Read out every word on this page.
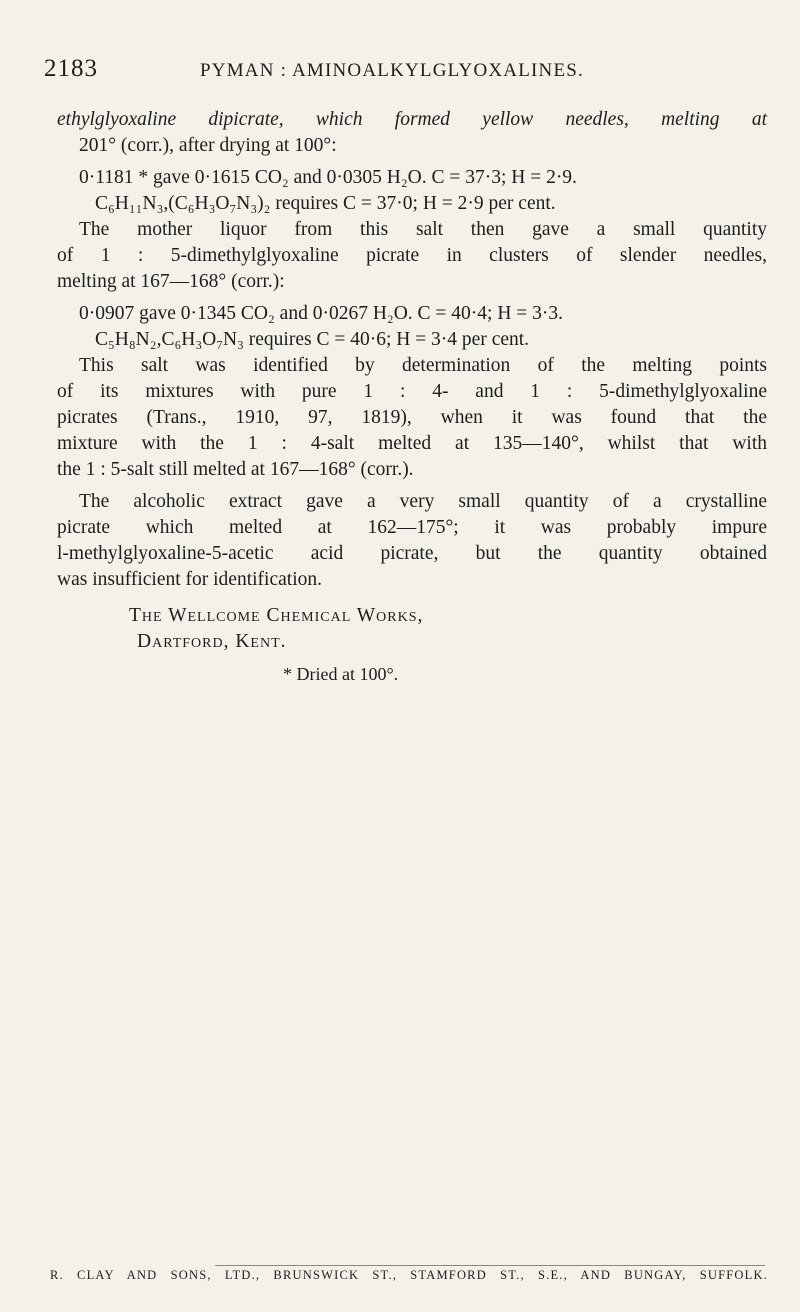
2183	PYMAN : AMINOALKYLGLYOXALINES.
ethylglyoxaline dipicrate, which formed yellow needles, melting at
201° (corr.), after drying at 100°:
0·1181 * gave 0·1615 CO₂ and 0·0305 H₂O. C = 37·3; H = 2·9.
C₆H₁₁N₃,(C₆H₃O₇N₃)₂ requires C = 37·0; H = 2·9 per cent.
The mother liquor from this salt then gave a small quantity
of 1 : 5-dimethylglyoxaline picrate in clusters of slender needles,
melting at 167—168° (corr.):
0·0907 gave 0·1345 CO₂ and 0·0267 H₂O. C = 40·4; H = 3·3.
C₅H₈N₂,C₆H₃O₇N₃ requires C = 40·6; H = 3·4 per cent.
This salt was identified by determination of the melting points
of its mixtures with pure 1 : 4- and 1 : 5-dimethylglyoxaline
picrates (Trans., 1910, 97, 1819), when it was found that the
mixture with the 1 : 4-salt melted at 135—140°, whilst that with
the 1 : 5-salt still melted at 167—168° (corr.).
The alcoholic extract gave a very small quantity of a crystalline
picrate which melted at 162—175°; it was probably impure
l-methylglyoxaline-5-acetic acid picrate, but the quantity obtained
was insufficient for identification.
The Wellcome Chemical Works,
Dartford, Kent.
* Dried at 100°.
R. CLAY AND SONS, LTD., BRUNSWICK ST., STAMFORD ST., S.E., AND BUNGAY, SUFFOLK.
